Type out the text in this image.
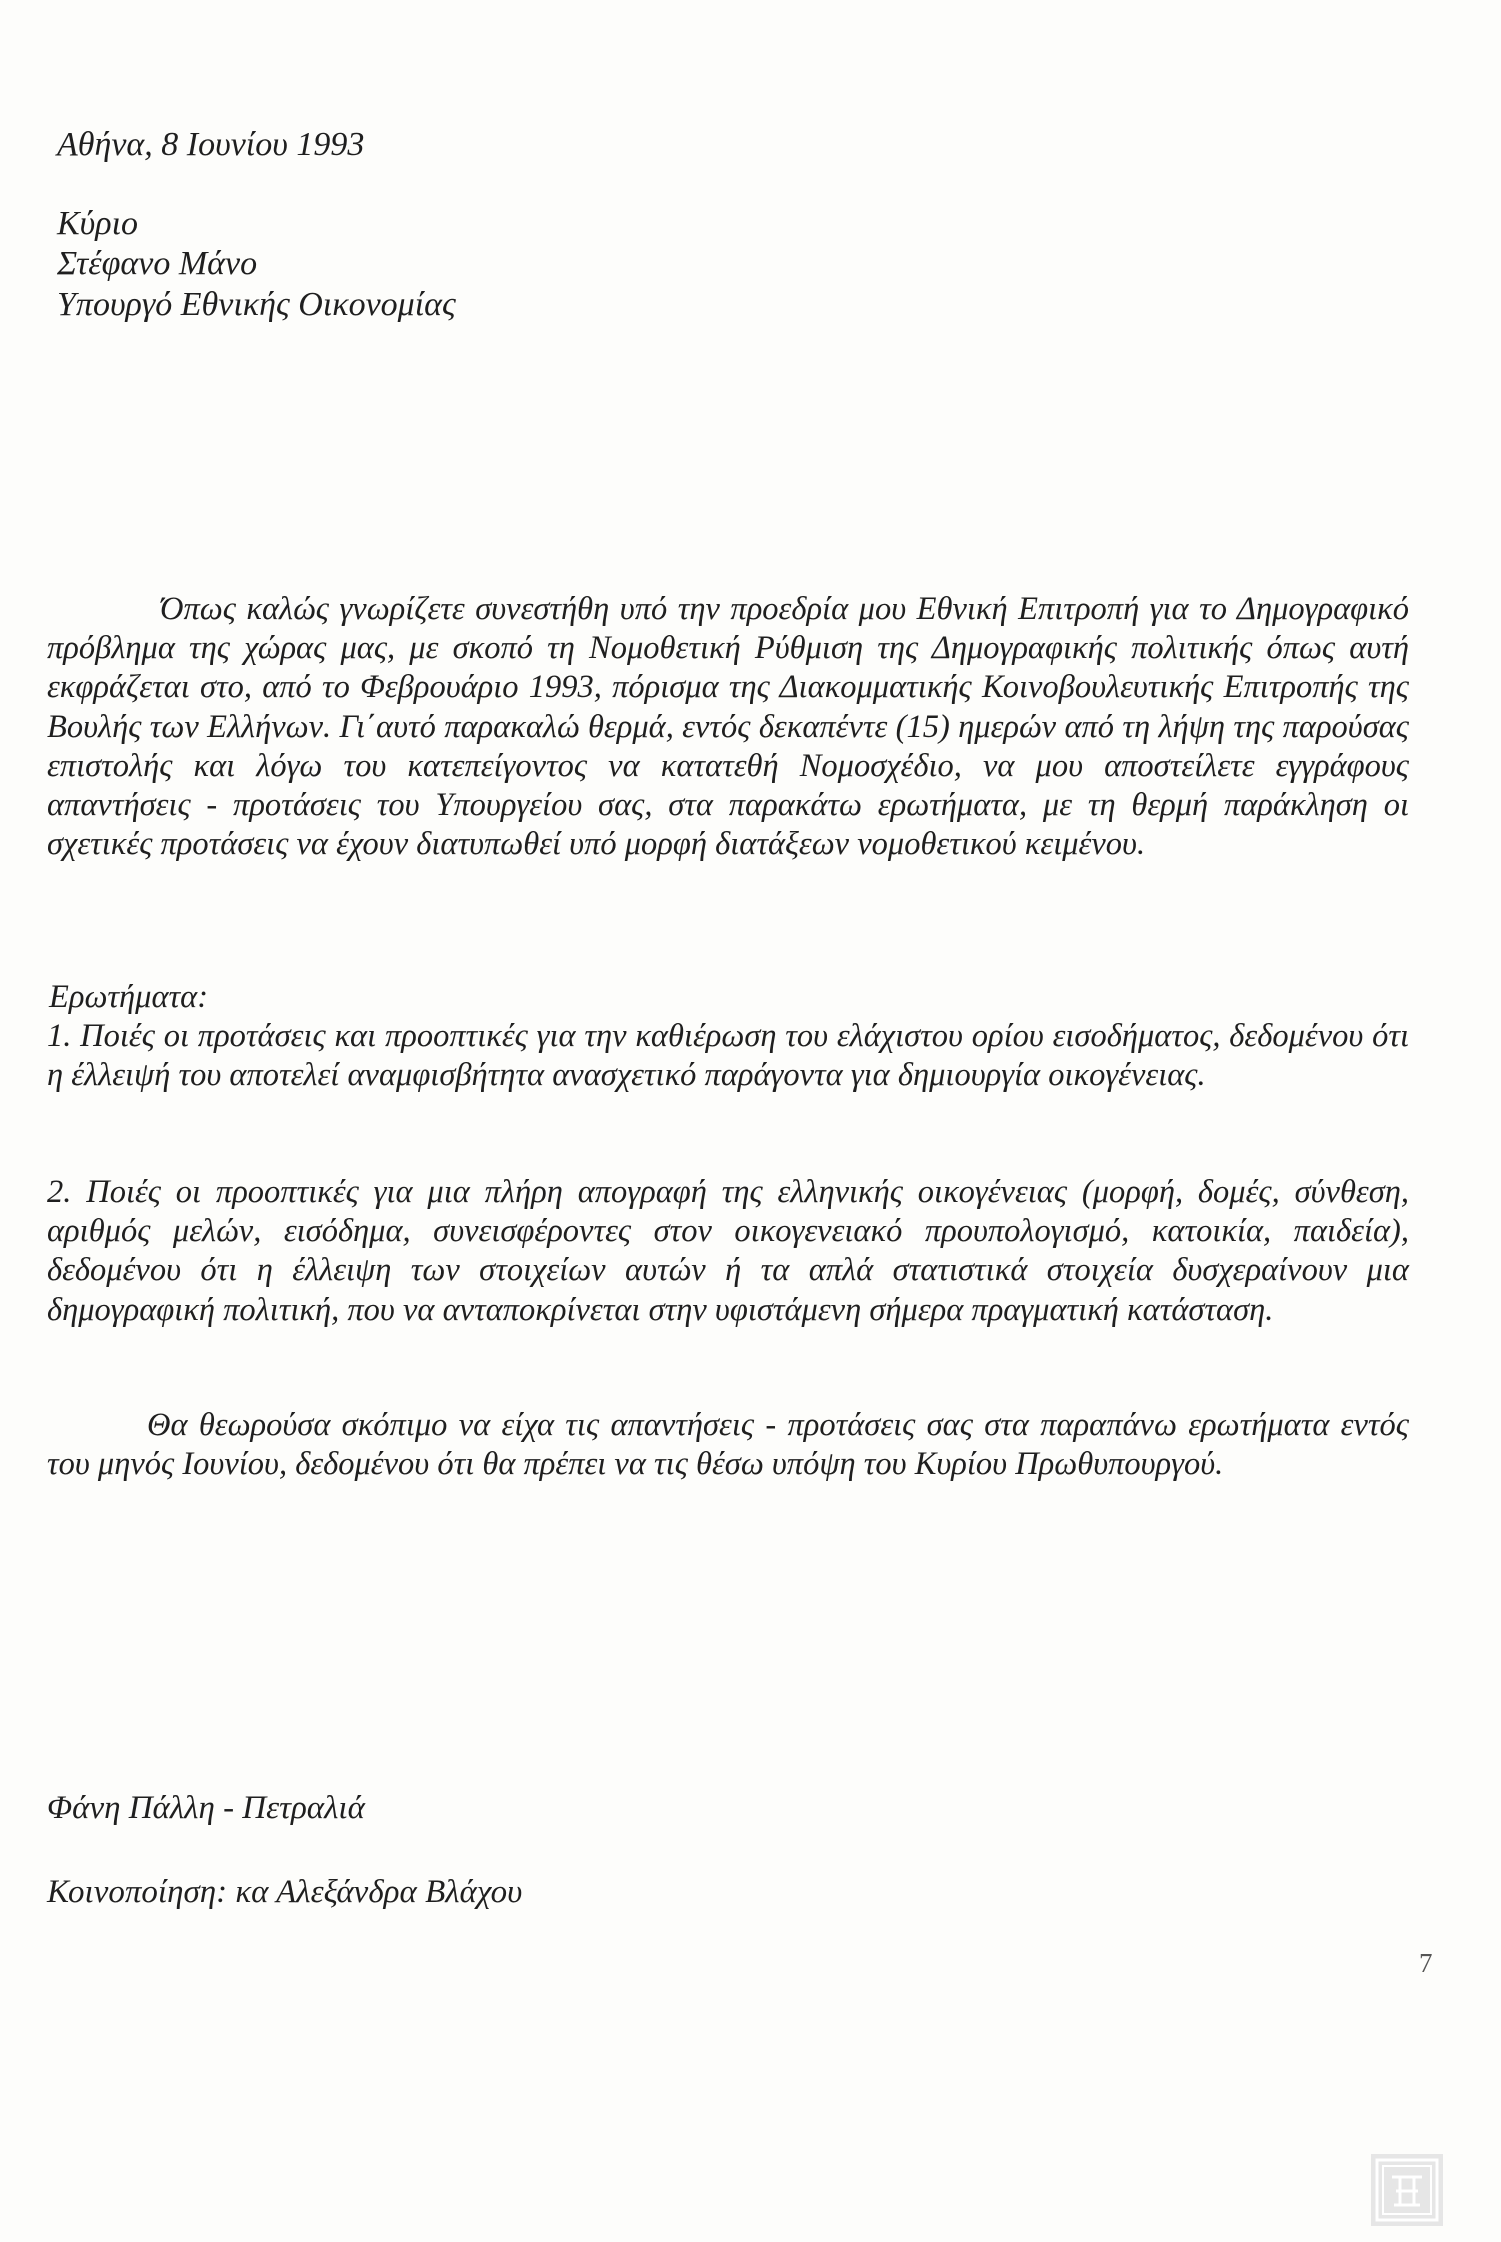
Αθήνα, 8 Ιουνίου 1993
Κύριο
Στέφανο Μάνο
Υπουργό Εθνικής Οικονομίας
Όπως καλώς γνωρίζετε συνεστήθη υπό την προεδρία μου Εθνική Επιτροπή για το Δημογραφικό πρόβλημα της χώρας μας, με σκοπό τη Νομοθετική Ρύθμιση της Δημογραφικής πολιτικής όπως αυτή εκφράζεται στο, από το Φεβρουάριο 1993, πόρισμα της Διακομματικής Κοινοβουλευτικής Επιτροπής της Βουλής των Ελλήνων. Γι΄αυτό παρακαλώ θερμά, εντός δεκαπέντε (15) ημερών από τη λήψη της παρούσας επιστολής και λόγω του κατεπείγοντος να κατατεθή Νομοσχέδιο, να μου αποστείλετε εγγράφους απαντήσεις - προτάσεις του Υπουργείου σας, στα παρακάτω ερωτήματα, με τη θερμή παράκληση οι σχετικές προτάσεις να έχουν διατυπωθεί υπό μορφή διατάξεων νομοθετικού κειμένου.
Ερωτήματα:
1. Ποιές οι προτάσεις και προοπτικές για την καθιέρωση του ελάχιστου ορίου εισοδήματος, δεδομένου ότι η έλλειψή του αποτελεί αναμφισβήτητα ανασχετικό παράγοντα για δημιουργία οικογένειας.
2. Ποιές οι προοπτικές για μια πλήρη απογραφή της ελληνικής οικογένειας (μορφή, δομές, σύνθεση, αριθμός μελών, εισόδημα, συνεισφέροντες στον οικογενειακό προυπολογισμό, κατοικία, παιδεία), δεδομένου ότι η έλλειψη των στοιχείων αυτών ή τα απλά στατιστικά στοιχεία δυσχεραίνουν μια δημογραφική πολιτική, που να ανταποκρίνεται στην υφιστάμενη σήμερα πραγματική κατάσταση.
Θα θεωρούσα σκόπιμο να είχα τις απαντήσεις - προτάσεις σας στα παραπάνω ερωτήματα εντός του μηνός Ιουνίου, δεδομένου ότι θα πρέπει να τις θέσω υπόψη του Κυρίου Πρωθυπουργού.
Φάνη Πάλλη - Πετραλιά
Κοινοποίηση: κα Αλεξάνδρα Βλάχου
7
